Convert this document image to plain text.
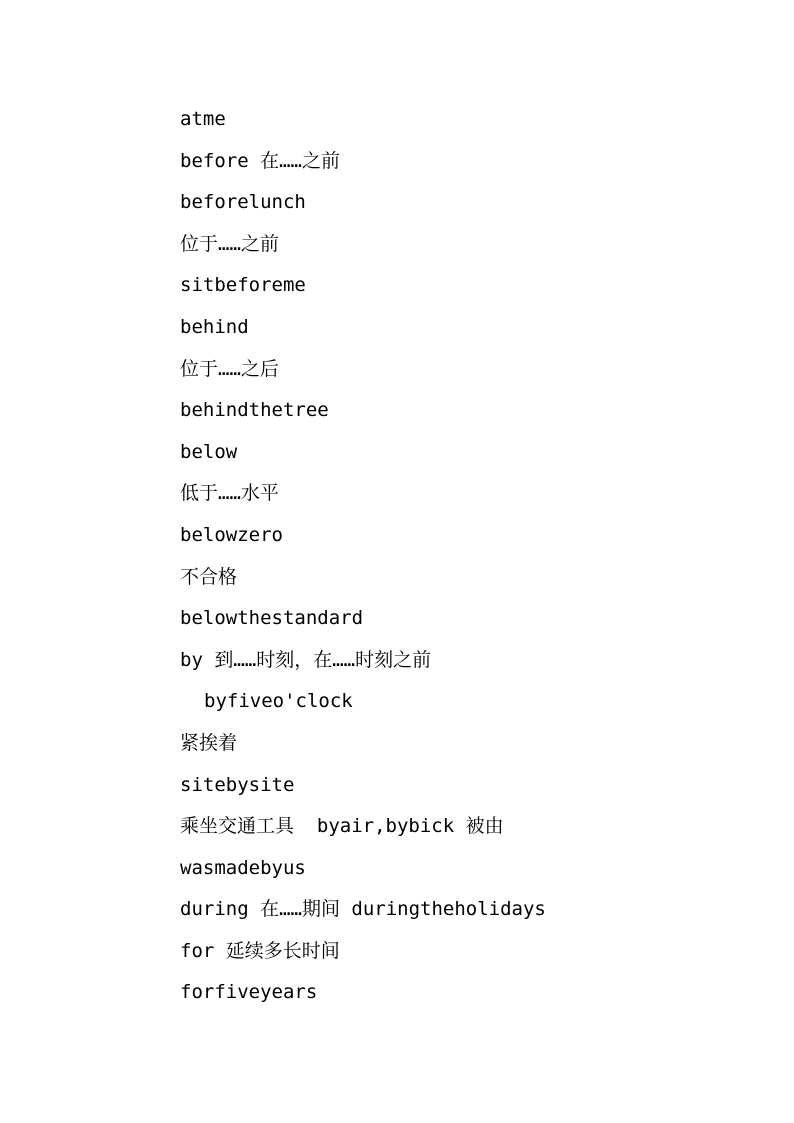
atme
before 在……之前
beforelunch
位于……之前
sitbeforeme
behind
位于……之后
behindthetree
below
低于……水平
belowzero
不合格
belowthestandard
by 到……时刻，在……时刻之前
byfiveo'clock
紧挨着
sitebysite
乘坐交通工具  byair,bybick 被由
wasmadebyus
during 在……期间 duringtheholidays
for 延续多长时间
forfiveyears
